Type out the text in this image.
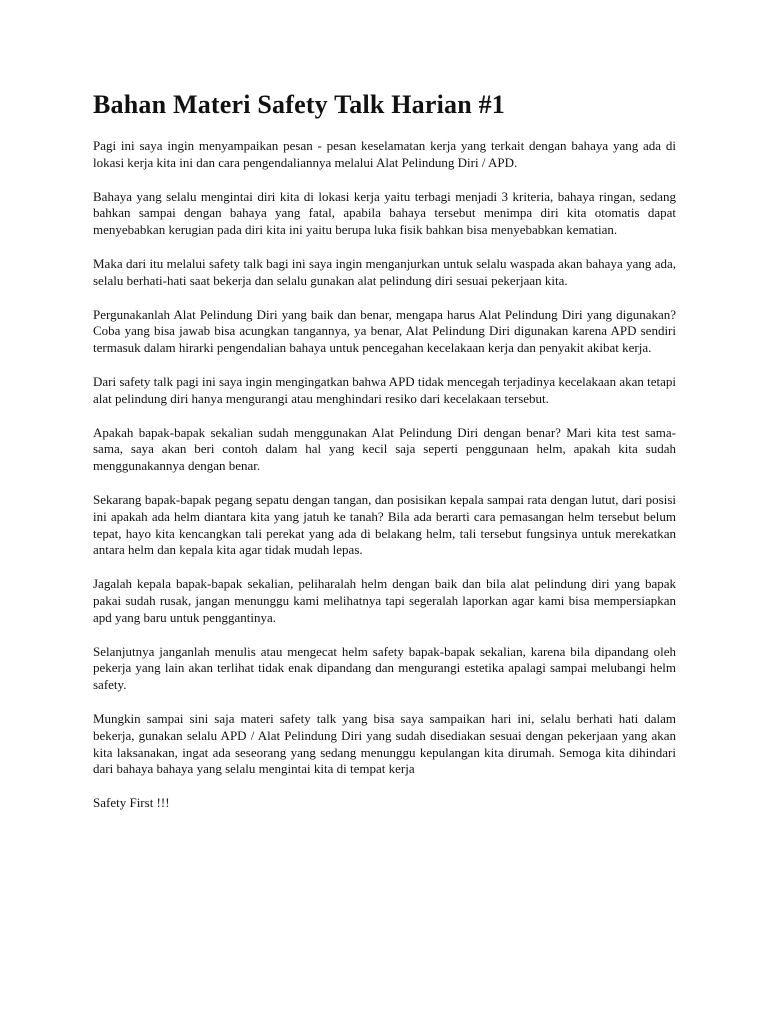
Bahan Materi Safety Talk Harian #1

Pagi ini saya ingin menyampaikan pesan - pesan keselamatan kerja yang terkait dengan bahaya yang ada di lokasi kerja kita ini dan cara pengendaliannya melalui Alat Pelindung Diri / APD.

Bahaya yang selalu mengintai diri kita di lokasi kerja yaitu terbagi menjadi 3 kriteria, bahaya ringan, sedang bahkan sampai dengan bahaya yang fatal, apabila bahaya tersebut menimpa diri kita otomatis dapat menyebabkan kerugian pada diri kita ini yaitu berupa luka fisik bahkan bisa menyebabkan kematian.

Maka dari itu melalui safety talk bagi ini saya ingin menganjurkan untuk selalu waspada akan bahaya yang ada, selalu berhati-hati saat bekerja dan selalu gunakan alat pelindung diri sesuai pekerjaan kita.

Pergunakanlah Alat Pelindung Diri yang baik dan benar, mengapa harus Alat Pelindung Diri yang digunakan? Coba yang bisa jawab bisa acungkan tangannya, ya benar, Alat Pelindung Diri digunakan karena APD sendiri termasuk dalam hirarki pengendalian bahaya untuk pencegahan kecelakaan kerja dan penyakit akibat kerja.

Dari safety talk pagi ini saya ingin mengingatkan bahwa APD tidak mencegah terjadinya kecelakaan akan tetapi alat pelindung diri hanya mengurangi atau menghindari resiko dari kecelakaan tersebut.

Apakah bapak-bapak sekalian sudah menggunakan Alat Pelindung Diri dengan benar? Mari kita test sama-sama, saya akan beri contoh dalam hal yang kecil saja seperti penggunaan helm, apakah kita sudah menggunakannya dengan benar.

Sekarang bapak-bapak pegang sepatu dengan tangan, dan posisikan kepala sampai rata dengan lutut, dari posisi ini apakah ada helm diantara kita yang jatuh ke tanah? Bila ada berarti cara pemasangan helm tersebut belum tepat, hayo kita kencangkan tali perekat yang ada di belakang helm, tali tersebut fungsinya untuk merekatkan antara helm dan kepala kita agar tidak mudah lepas.

Jagalah kepala bapak-bapak sekalian, peliharalah helm dengan baik dan bila alat pelindung diri yang bapak pakai sudah rusak, jangan menunggu kami melihatnya tapi segeralah laporkan agar kami bisa mempersiapkan apd yang baru untuk penggantinya.

Selanjutnya janganlah menulis atau mengecat helm safety bapak-bapak sekalian, karena bila dipandang oleh pekerja yang lain akan terlihat tidak enak dipandang dan mengurangi estetika apalagi sampai melubangi helm safety.

Mungkin sampai sini saja materi safety talk yang bisa saya sampaikan hari ini, selalu berhati hati dalam bekerja, gunakan selalu APD / Alat Pelindung Diri yang sudah disediakan sesuai dengan pekerjaan yang akan kita laksanakan, ingat ada seseorang yang sedang menunggu kepulangan kita dirumah. Semoga kita dihindari dari bahaya bahaya yang selalu mengintai kita di tempat kerja

Safety First !!!
